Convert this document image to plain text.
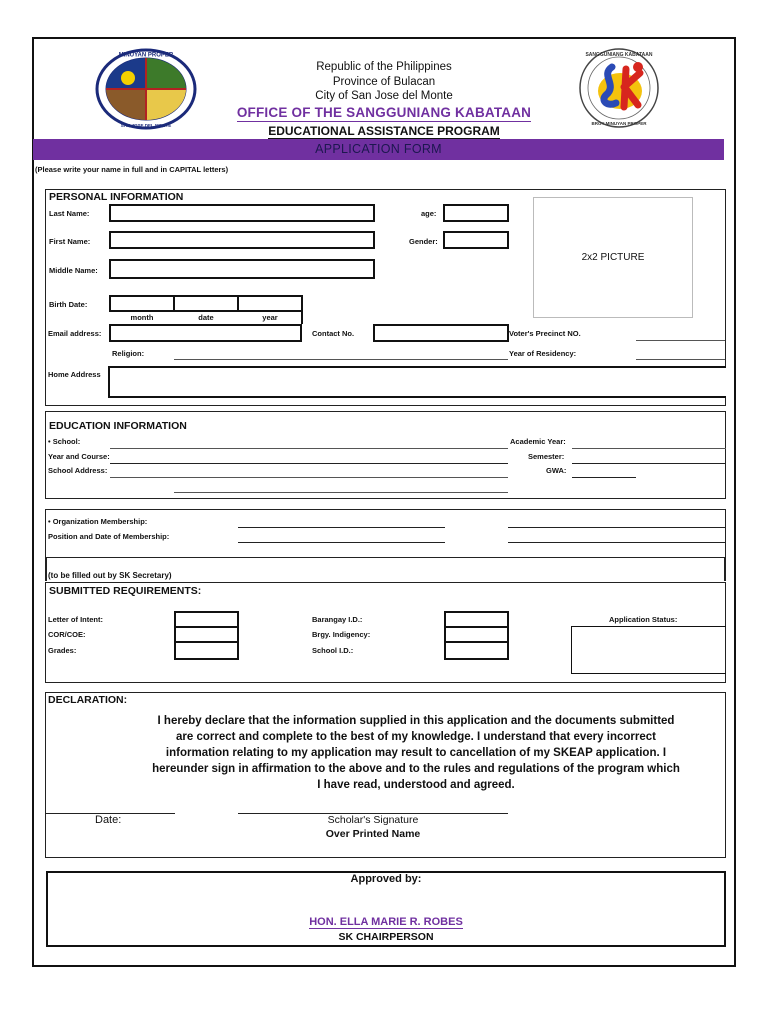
MINUYAN PROPER
SAN JOSE DEL MONTE
SANGGUNIANG KABATAAN
BRGY MINUYAN PROPER
Republic of the Philippines
Province of Bulacan
City of San Jose del Monte
OFFICE OF THE SANGGUNIANG KABATAAN
EDUCATIONAL ASSISTANCE PROGRAM
APPLICATION FORM
(Please write your name in full and in CAPITAL letters)
PERSONAL INFORMATION
Last Name:
First Name:
Middle Name:
age:
Gender:
2x2 PICTURE
Birth Date:
month	date	year
Email address:	Contact No.	Voter's Precinct NO.
Religion:	Year of Residency:
Home Address
EDUCATION INFORMATION
• School:
Year and Course:
School Address:
Academic Year:
Semester:
GWA:
• Organization Membership:
Position and Date of Membership:
(to be filled out by SK Secretary)
SUBMITTED REQUIREMENTS:
Letter of Intent:
COR/COE:
Grades:
Barangay I.D.:
Brgy. Indigency:
School I.D.:
Application Status:
DECLARATION:
I hereby declare that the information supplied in this application and the documents submitted
are correct and complete to the best of my knowledge. I understand that every incorrect
information relating to my application may result to cancellation of my SKEAP application. I
hereunder sign in affirmation to the above and to the rules and regulations of the program which
I have read, understood and agreed.
Date:	Scholar's Signature
Over Printed Name
Approved by:
HON. ELLA MARIE R. ROBES
SK CHAIRPERSON
